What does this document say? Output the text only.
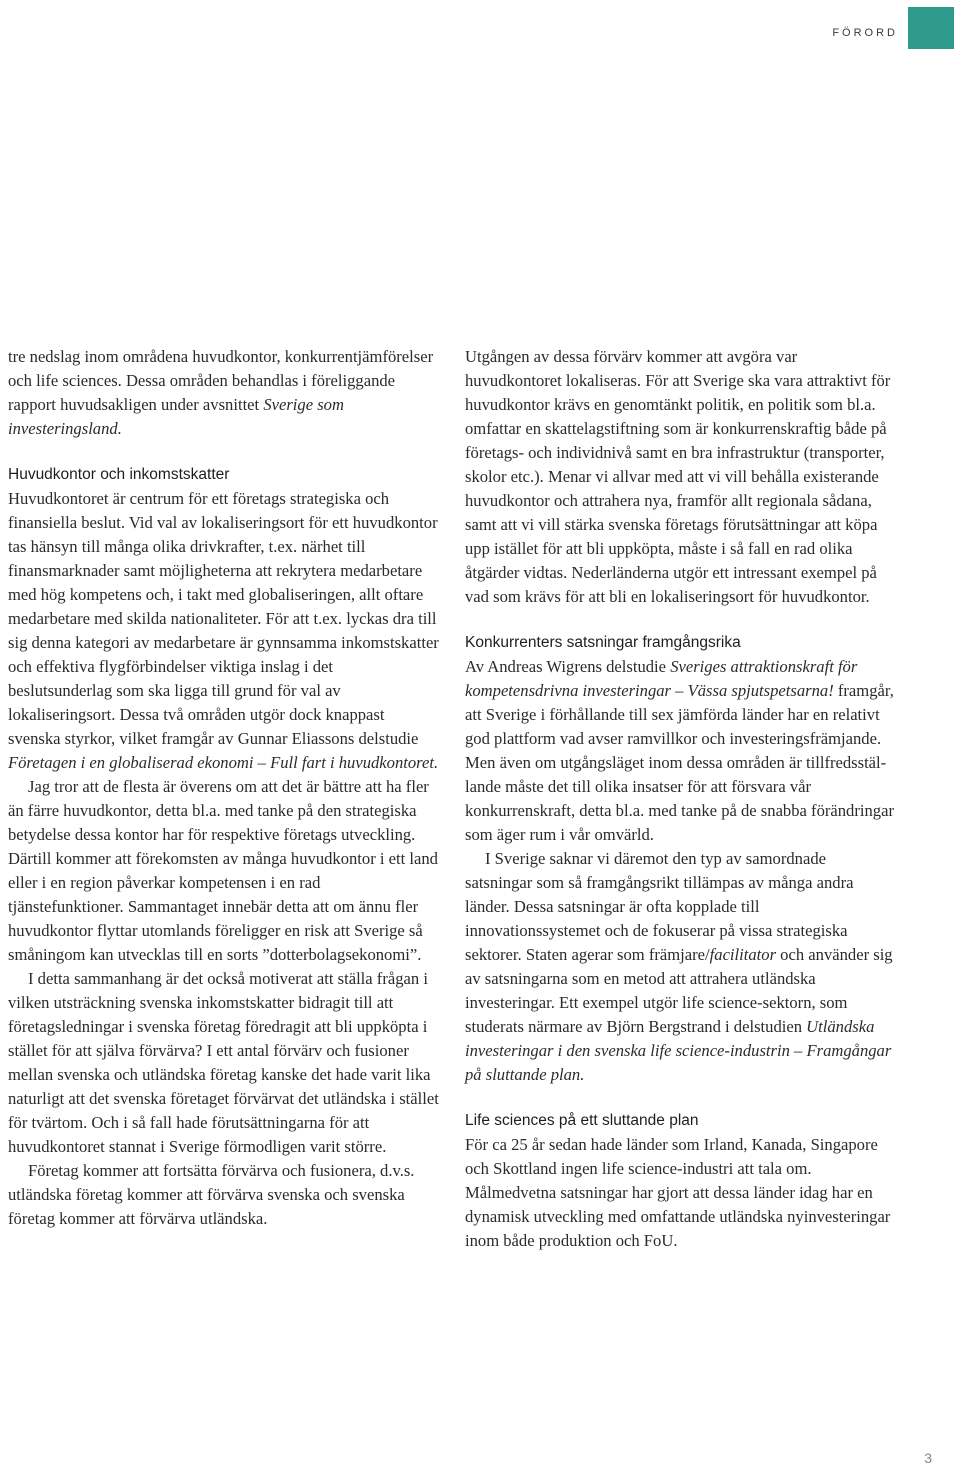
FÖRORD

tre nedslag inom områdena huvudkontor, konkurrentjämförelser och life sciences. Dessa områden behandlas i föreliggande rapport huvudsakligen under avsnittet Sverige som investeringsland.

Huvudkontor och inkomstskatter

Huvudkontoret är centrum för ett företags strategiska och finansiella beslut. Vid val av lokaliseringsort för ett huvudkontor tas hänsyn till många olika drivkrafter, t.ex. närhet till finansmarknader samt möjligheterna att rekrytera medarbetare med hög kompetens och, i takt med globaliseringen, allt oftare medarbetare med skilda nationaliteter. För att t.ex. lyckas dra till sig denna kategori av medarbetare är gynnsamma inkomstskatter och effektiva flygförbindelser viktiga inslag i det beslutsunderlag som ska ligga till grund för val av lokaliseringsort. Dessa två områden utgör dock knappast svenska styrkor, vilket framgår av Gunnar Eliassons delstudie Företagen i en globaliserad ekonomi – Full fart i huvudkontoret.

Jag tror att de flesta är överens om att det är bättre att ha fler än färre huvudkontor, detta bl.a. med tanke på den strategiska betydelse dessa kontor har för respektive företags utveckling. Därtill kommer att förekomsten av många huvudkontor i ett land eller i en region påverkar kompetensen i en rad tjänstefunktioner. Sammantaget innebär detta att om ännu fler huvudkontor flyttar utomlands föreligger en risk att Sverige så småningom kan utvecklas till en sorts ”dotterbolagsekonomi”.

I detta sammanhang är det också motiverat att ställa frågan i vilken utsträckning svenska inkomstskatter bidragit till att företagsledningar i svenska företag föredragit att bli uppköpta i stället för att själva förvärva? I ett antal förvärv och fusioner mellan svenska och utländska företag kanske det hade varit lika naturligt att det svenska företaget förvärvat det utländska i stället för tvärtom. Och i så fall hade förutsättningarna för att huvudkontoret stannat i Sverige förmodligen varit större.

Företag kommer att fortsätta förvärva och fusionera, d.v.s. utländska företag kommer att förvärva svenska och svenska företag kommer att förvärva utländska.

Utgången av dessa förvärv kommer att avgöra var huvudkontoret lokaliseras. För att Sverige ska vara attraktivt för huvudkontor krävs en genomtänkt politik, en politik som bl.a. omfattar en skattelagstiftning som är konkurrenskraftig både på företags- och individnivå samt en bra infrastruktur (transporter, skolor etc.). Menar vi allvar med att vi vill behålla existerande huvudkontor och attrahera nya, framför allt regionala sådana, samt att vi vill stärka svenska företags förutsättningar att köpa upp istället för att bli uppköpta, måste i så fall en rad olika åtgärder vidtas. Nederländerna utgör ett intressant exempel på vad som krävs för att bli en lokaliseringsort för huvudkontor.

Konkurrenters satsningar framgångsrika

Av Andreas Wigrens delstudie Sveriges attraktionskraft för kompetensdrivna investeringar – Vässa spjutspetsarna! framgår, att Sverige i förhållande till sex jämförda länder har en relativt god plattform vad avser ramvillkor och investeringsfrämjande. Men även om utgångsläget inom dessa områden är tillfredsställande måste det till olika insatser för att försvara vår konkurrenskraft, detta bl.a. med tanke på de snabba förändringar som äger rum i vår omvärld.

I Sverige saknar vi däremot den typ av samordnade satsningar som så framgångsrikt tillämpas av många andra länder. Dessa satsningar är ofta kopplade till innovationssystemet och de fokuserar på vissa strategiska sektorer. Staten agerar som främjare/facilitator och använder sig av satsningarna som en metod att attrahera utländska investeringar. Ett exempel utgör life science-sektorn, som studerats närmare av Björn Bergstrand i delstudien Utländska investeringar i den svenska life science-industrin – Framgångar på sluttande plan.

Life sciences på ett sluttande plan

För ca 25 år sedan hade länder som Irland, Kanada, Singapore och Skottland ingen life science-industri att tala om. Målmedvetna satsningar har gjort att dessa länder idag har en dynamisk utveckling med omfattande utländska nyinvesteringar inom både produktion och FoU.

3
